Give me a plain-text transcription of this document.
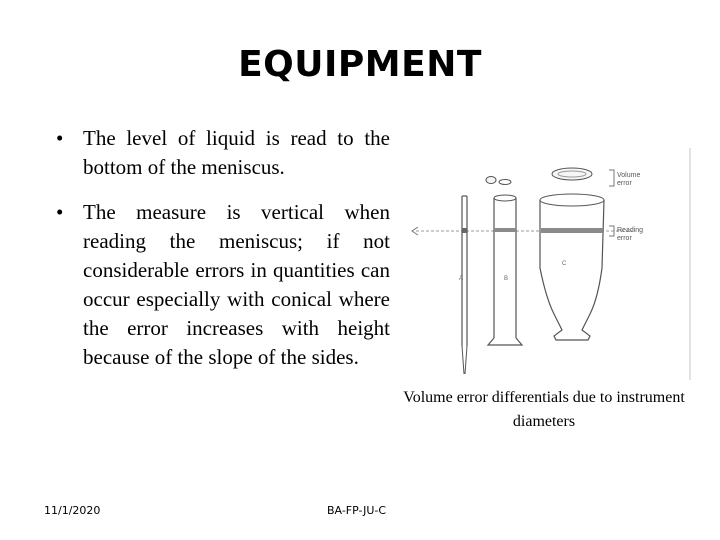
EQUIPMENT
• The level of liquid is read to the bottom of the meniscus.
• The measure is vertical when reading the meniscus; if not considerable errors in quantities can occur especially with conical where the error increases with height because of the slope of the sides.
Volume
error
Reading
error
A	B
C
Volume error differentials due to instrument diameters
11/1/2020	BA-FP-JU-C
